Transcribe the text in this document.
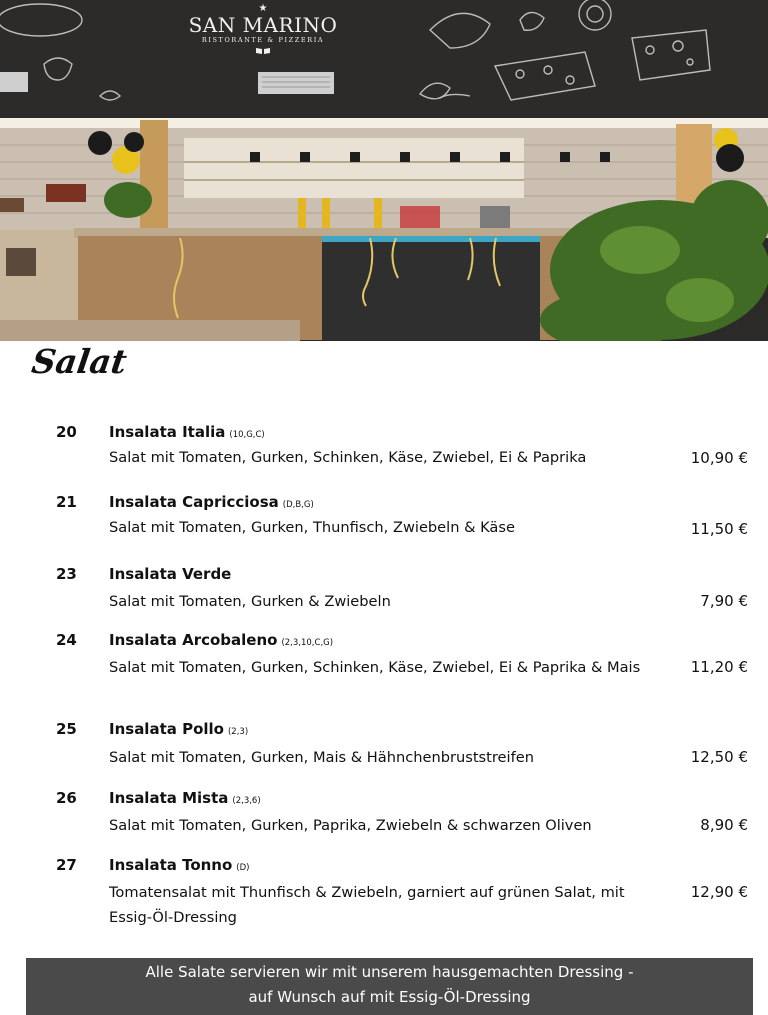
★
SAN MARINO
RISTORANTE & PIZZERIA
Salat
20 Insalata Italia (10,G,C)
Salat mit Tomaten, Gurken, Schinken, Käse, Zwiebel, Ei & Paprika	10,90 €
21 Insalata Capricciosa (D,B,G)
Salat mit Tomaten, Gurken, Thunfisch, Zwiebeln & Käse	11,50 €
23 Insalata Verde
Salat mit Tomaten, Gurken & Zwiebeln	7,90 €
24 Insalata Arcobaleno (2,3,10,C,G)
Salat mit Tomaten, Gurken, Schinken, Käse, Zwiebel, Ei & Paprika & Mais	11,20 €
25 Insalata Pollo (2,3)
Salat mit Tomaten, Gurken, Mais & Hähnchenbruststreifen	12,50 €
26 Insalata Mista (2,3,6)
Salat mit Tomaten, Gurken, Paprika, Zwiebeln & schwarzen Oliven	8,90 €
27 Insalata Tonno (D)
Tomatensalat mit Thunfisch & Zwiebeln, garniert auf grünen Salat, mit Essig-Öl-Dressing
12,90 €
Alle Salate servieren wir mit unserem hausgemachten Dressing -
auf Wunsch auf mit Essig-Öl-Dressing
